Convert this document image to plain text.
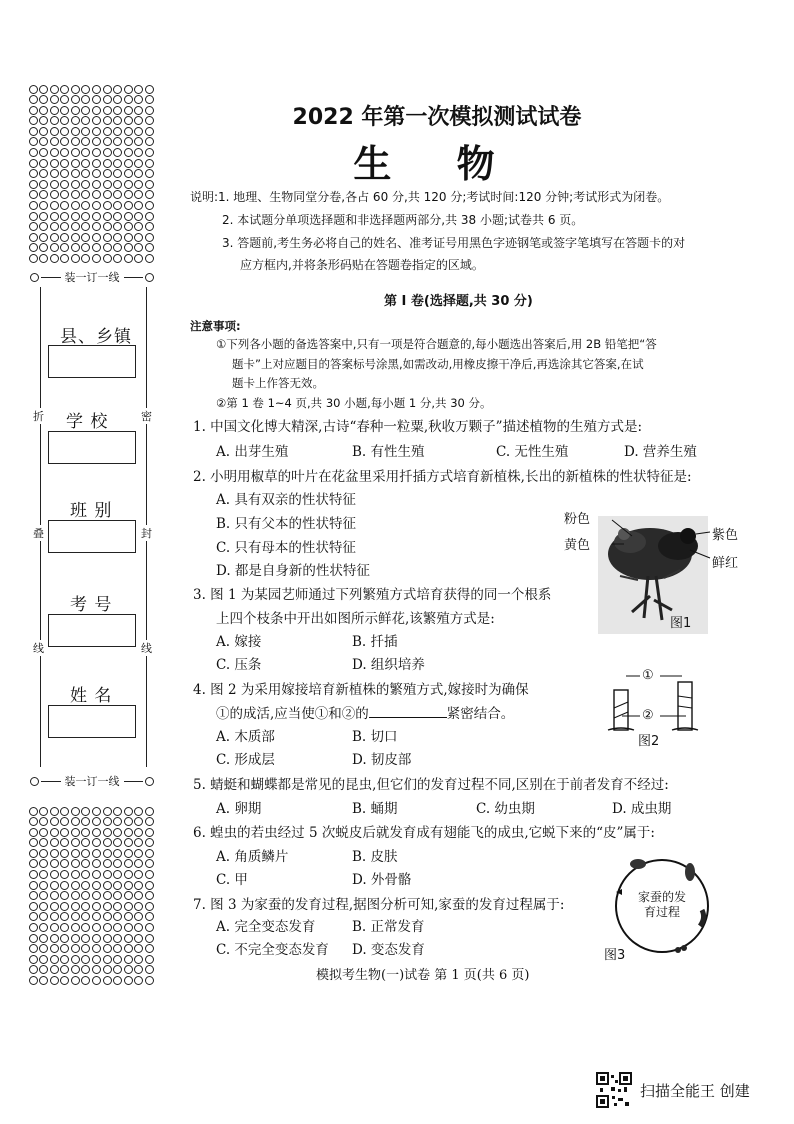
装一订一线
折
叠
线
密
封
线
县、乡镇
学 校
班 别
考 号
姓 名
装一订一线
2022 年第一次模拟测试试卷
生 物
说明:1. 地理、生物同堂分卷,各占 60 分,共 120 分;考试时间:120 分钟;考试形式为闭卷。
2. 本试题分单项选择题和非选择题两部分,共 38 小题;试卷共 6 页。
3. 答题前,考生务必将自己的姓名、准考证号用黑色字迹钢笔或签字笔填写在答题卡的对
应方框内,并将条形码贴在答题卷指定的区域。
第 Ⅰ 卷(选择题,共 30 分)
注意事项:
①下列各小题的备选答案中,只有一项是符合题意的,每小题选出答案后,用 2B 铅笔把“答
题卡”上对应题目的答案标号涂黑,如需改动,用橡皮擦干净后,再选涂其它答案,在试
题卡上作答无效。
②第 1 卷 1~4 页,共 30 小题,每小题 1 分,共 30 分。
1. 中国文化博大精深,古诗“春种一粒粟,秋收万颗子”描述植物的生殖方式是:
A. 出芽生殖	B. 有性生殖	C. 无性生殖	D. 营养生殖
2. 小明用椒草的叶片在花盆里采用扦插方式培育新植株,长出的新植株的性状特征是:
A. 具有双亲的性状特征
B. 只有父本的性状特征
C. 只有母本的性状特征
D. 都是自身新的性状特征
3. 图 1 为某园艺师通过下列繁殖方式培育获得的同一个根系
上四个枝条中开出如图所示鲜花,该繁殖方式是:
A. 嫁接	B. 扦插
C. 压条	D. 组织培养
4. 图 2 为采用嫁接培育新植株的繁殖方式,嫁接时为确保
①的成活,应当使①和②的	紧密结合。
A. 木质部	B. 切口
C. 形成层	D. 韧皮部
5. 蜻蜓和蝴蝶都是常见的昆虫,但它们的发育过程不同,区别在于前者发育不经过:
A. 卵期	B. 蛹期	C. 幼虫期	D. 成虫期
6. 蝗虫的若虫经过 5 次蜕皮后就发育成有翅能飞的成虫,它蜕下来的“皮”属于:
A. 角质鳞片	B. 皮肤
C. 甲	D. 外骨骼
7. 图 3 为家蚕的发育过程,据图分析可知,家蚕的发育过程属于:
A. 完全变态发育	B. 正常发育
C. 不完全变态发育 D. 变态发育
粉色
黄色
紫色
鲜红
图1
①
②
图2
家蚕的发
育过程
图3
模拟考生物(一)试卷 第 1 页(共 6 页)
扫描全能王 创建
